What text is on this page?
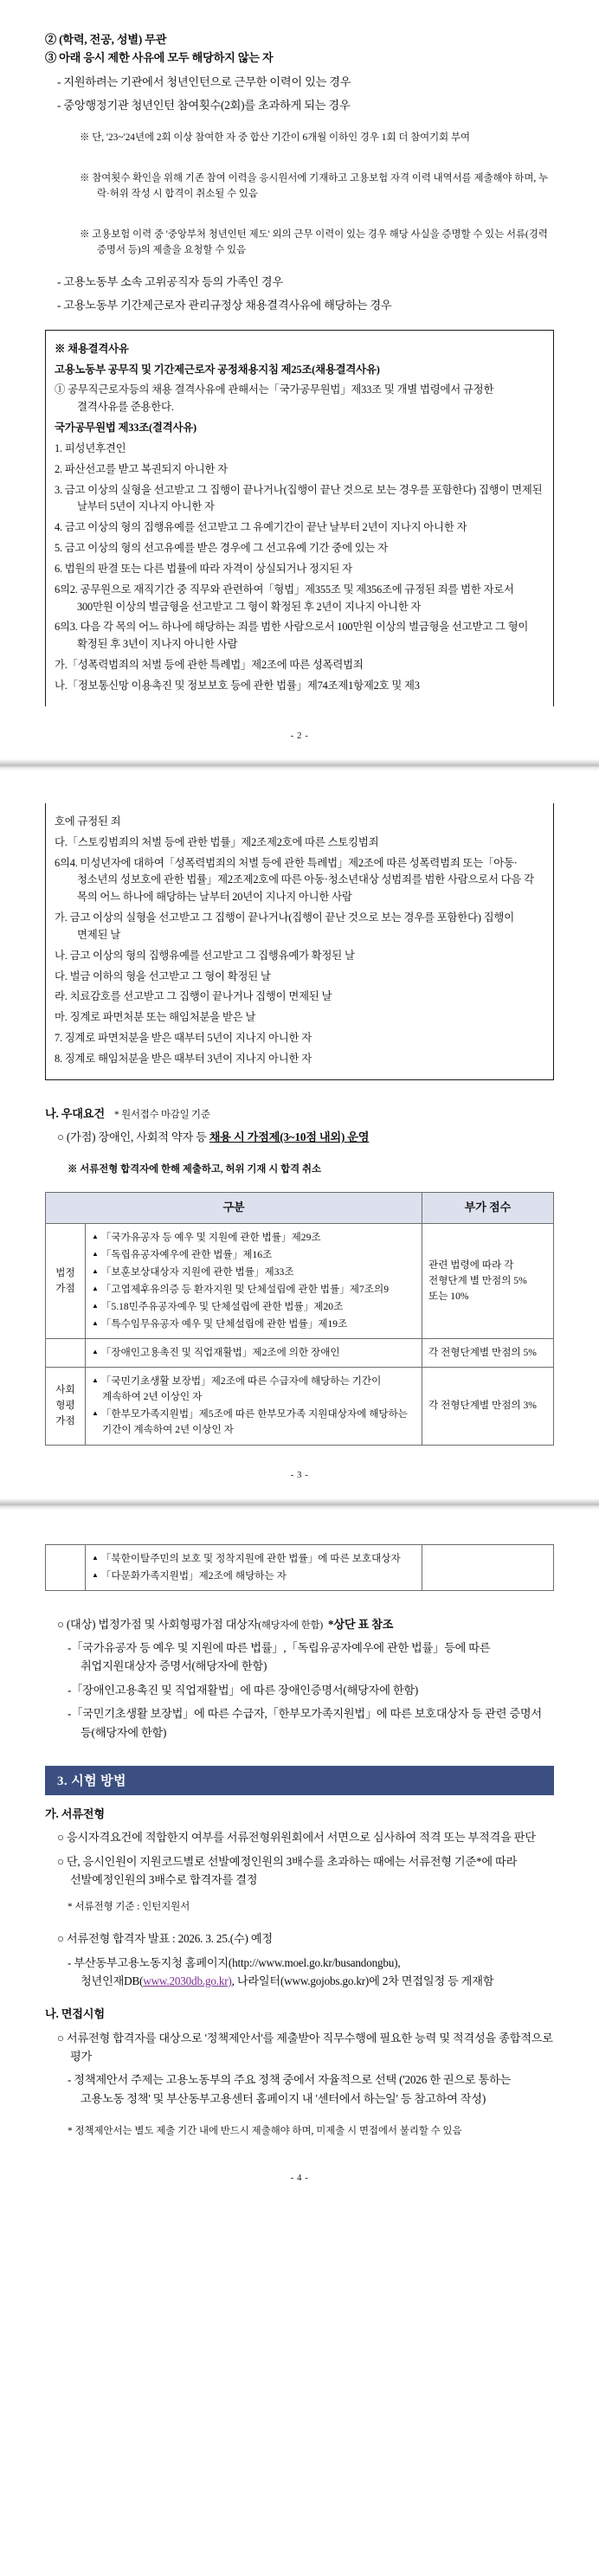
② (학력, 전공, 성별) 무관

③ 아래 응시 제한 사유에 모두 해당하지 않는 자

- 지원하려는 기관에서 청년인턴으로 근무한 이력이 있는 경우

- 중앙행정기관 청년인턴 참여횟수(2회)를 초과하게 되는 경우

※ 단, '23~'24년에 2회 이상 참여한 자 중 합산 기간이 6개월 이하인 경우 1회 더 참여기회 부여

※ 참여횟수 확인을 위해 기존 참여 이력을 응시원서에 기재하고 고용보험 자격 이력 내역서를 제출해야 하며, 누락·허위 작성 시 합격이 취소될 수 있음

※ 고용보험 이력 중 '중앙부처 청년인턴 제도' 외의 근무 이력이 있는 경우 해당 사실을 증명할 수 있는 서류(경력증명서 등)의 제출을 요청할 수 있음

- 고용노동부 소속 고위공직자 등의 가족인 경우

- 고용노동부 기간제근로자 관리규정상 채용결격사유에 해당하는 경우

※ 채용결격사유

고용노동부 공무직 및 기간제근로자 공정채용지침 제25조(채용결격사유)

① 공무직근로자등의 채용 결격사유에 관해서는「국가공무원법」제33조 및 개별 법령에서 규정한 결격사유를 준용한다.

국가공무원법 제33조(결격사유)

1. 피성년후견인

2. 파산선고를 받고 복권되지 아니한 자

3. 금고 이상의 실형을 선고받고 그 집행이 끝나거나(집행이 끝난 것으로 보는 경우를 포함한다) 집행이 면제된 날부터 5년이 지나지 아니한 자

4. 금고 이상의 형의 집행유예를 선고받고 그 유예기간이 끝난 날부터 2년이 지나지 아니한 자

5. 금고 이상의 형의 선고유예를 받은 경우에 그 선고유예 기간 중에 있는 자

6. 법원의 판결 또는 다른 법률에 따라 자격이 상실되거나 정지된 자

6의2. 공무원으로 재직기간 중 직무와 관련하여「형법」제355조 및 제356조에 규정된 죄를 범한 자로서 300만원 이상의 벌금형을 선고받고 그 형이 확정된 후 2년이 지나지 아니한 자

6의3. 다음 각 목의 어느 하나에 해당하는 죄를 범한 사람으로서 100만원 이상의 벌금형을 선고받고 그 형이 확정된 후 3년이 지나지 아니한 사람

가.「성폭력범죄의 처벌 등에 관한 특례법」제2조에 따른 성폭력범죄

나.「정보통신망 이용촉진 및 정보보호 등에 관한 법률」제74조제1항제2호 및 제3

- 2 -

호에 규정된 죄

다.「스토킹범죄의 처벌 등에 관한 법률」제2조제2호에 따른 스토킹범죄

6의4. 미성년자에 대하여「성폭력범죄의 처벌 등에 관한 특례법」제2조에 따른 성폭력범죄 또는「아동·청소년의 성보호에 관한 법률」제2조제2호에 따른 아동·청소년대상 성범죄를 범한 사람으로서 다음 각 목의 어느 하나에 해당하는 날부터 20년이 지나지 아니한 사람

가. 금고 이상의 실형을 선고받고 그 집행이 끝나거나(집행이 끝난 것으로 보는 경우를 포함한다) 집행이 면제된 날

나. 금고 이상의 형의 집행유예를 선고받고 그 집행유예가 확정된 날

다. 벌금 이하의 형을 선고받고 그 형이 확정된 날

라. 치료감호를 선고받고 그 집행이 끝나거나 집행이 면제된 날

마. 징계로 파면처분 또는 해임처분을 받은 날

7. 징계로 파면처분을 받은 때부터 5년이 지나지 아니한 자

8. 징계로 해임처분을 받은 때부터 3년이 지나지 아니한 자

나. 우대요건 * 원서접수 마감일 기준

○ (가점) 장애인, 사회적 약자 등 채용 시 가점제(3~10점 내외) 운영

※ 서류전형 합격자에 한해 제출하고, 허위 기재 시 합격 취소

구분		부가 점수
법정
가점	
▲ 「국가유공자 등 예우 및 지원에 관한 법률」제29조
▲ 「독립유공자예우에 관한 법률」제16조
▲ 「보훈보상대상자 지원에 관한 법률」제33조
▲ 「고엽제후유의증 등 환자지원 및 단체설립에 관한 법률」제7조의9
▲ 「5.18민주유공자예우 및 단체설립에 관한 법률」제20조
▲ 「특수임무유공자 예우 및 단체설립에 관한 법률」제19조
	관련 법령에 따라 각 전형단계 별 만점의 5% 또는 10%

	▲ 「장애인고용촉진 및 직업재활법」제2조에 의한 장애인	각 전형단계별 만점의 5%
사회
형평
가점	
▲ 「국민기초생활 보장법」제2조에 따른 수급자에 해당하는 기간이 계속하여 2년 이상인 자
▲ 「한부모가족지원법」제5조에 따른 한부모가족 지원대상자에 해당하는 기간이 계속하여 2년 이상인 자
	각 전형단계별 만점의 3%
- 3 -

▲ 「북한이탈주민의 보호 및 정착지원에 관한 법률」에 따른 보호대상자
▲ 「다문화가족지원법」제2조에 해당하는 자

○ (대상) 법정가점 및 사회형평가점 대상자(해당자에 한함) *상단 표 참조

-「국가유공자 등 예우 및 지원에 따른 법률」,「독립유공자예우에 관한 법률」등에 따른 취업지원대상자 증명서(해당자에 한함)

-「장애인고용촉진 및 직업재활법」에 따른 장애인증명서(해당자에 한함)

-「국민기초생활 보장법」에 따른 수급자,「한부모가족지원법」에 따른 보호대상자 등 관련 증명서 등(해당자에 한함)

3. 시험 방법

가. 서류전형

○ 응시자격요건에 적합한지 여부를 서류전형위원회에서 서면으로 심사하여 적격 또는 부적격을 판단

○ 단, 응시인원이 지원코드별로 선발예정인원의 3배수를 초과하는 때에는 서류전형 기준*에 따라 선발예정인원의 3배수로 합격자를 결정

* 서류전형 기준 : 인턴지원서

○ 서류전형 합격자 발표 : 2026. 3. 25.(수) 예정

- 부산동부고용노동지청 홈페이지(http://www.moel.go.kr/busandongbu), 청년인재DB(www.2030db.go.kr), 나라일터(www.gojobs.go.kr)에 2차 면접일정 등 게재함

나. 면접시험

○ 서류전형 합격자를 대상으로 '정책제안서'를 제출받아 직무수행에 필요한 능력 및 적격성을 종합적으로 평가

- 정책제안서 주제는 고용노동부의 주요 정책 중에서 자율적으로 선택 ('2026 한 권으로 통하는 고용노동 정책' 및 부산동부고용센터 홈페이지 내 '센터에서 하는일' 등 참고하여 작성)

* 정책제안서는 별도 제출 기간 내에 반드시 제출해야 하며, 미제출 시 면접에서 불리할 수 있음

- 4 -
